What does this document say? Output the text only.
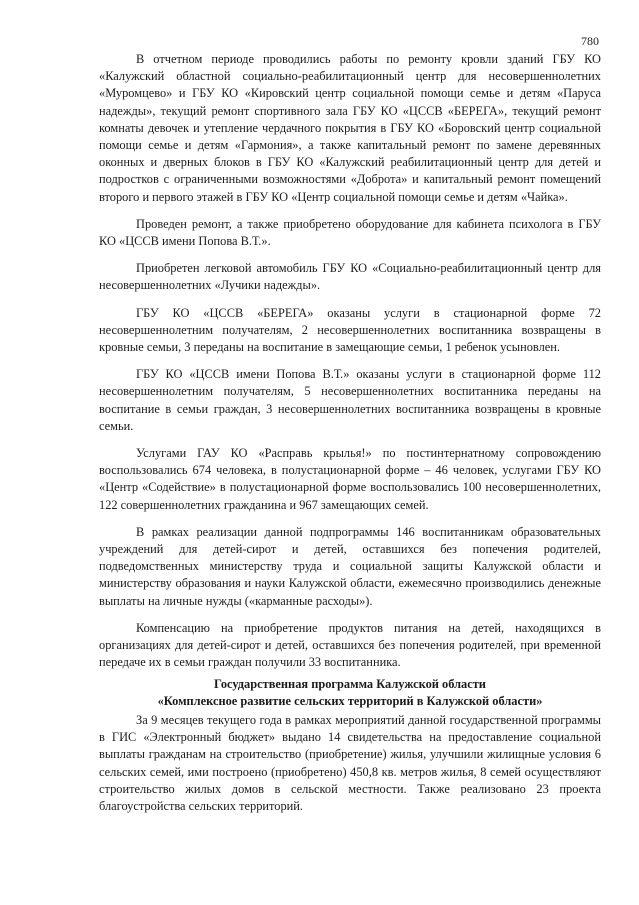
780

В отчетном периоде проводились работы по ремонту кровли зданий ГБУ КО «Калужский областной социально-реабилитационный центр для несовершеннолетних «Муромцево» и ГБУ КО «Кировский центр социальной помощи семье и детям «Паруса надежды», текущий ремонт спортивного зала ГБУ КО «ЦССВ «БЕРЕГА», текущий ремонт комнаты девочек и утепление чердачного покрытия в ГБУ КО «Боровский центр социальной помощи семье и детям «Гармония», а также капитальный ремонт по замене деревянных оконных и дверных блоков в ГБУ КО «Калужский реабилитационный центр для детей и подростков с ограниченными возможностями «Доброта» и капитальный ремонт помещений второго и первого этажей в ГБУ КО «Центр социальной помощи семье и детям «Чайка».

Проведен ремонт, а также приобретено оборудование для кабинета психолога в ГБУ КО «ЦССВ имени Попова В.Т.».

Приобретен легковой автомобиль ГБУ КО «Социально-реабилитационный центр для несовершеннолетних «Лучики надежды».

ГБУ КО «ЦССВ «БЕРЕГА» оказаны услуги в стационарной форме 72 несовершеннолетним получателям, 2 несовершеннолетних воспитанника возвращены в кровные семьи, 3 переданы на воспитание в замещающие семьи, 1 ребенок усыновлен.

ГБУ КО «ЦССВ имени Попова В.Т.» оказаны услуги в стационарной форме 112 несовершеннолетним получателям, 5 несовершеннолетних воспитанника переданы на воспитание в семьи граждан, 3 несовершеннолетних воспитанника возвращены в кровные семьи.

Услугами ГАУ КО «Расправь крылья!» по постинтернатному сопровождению воспользовались 674 человека, в полустационарной форме – 46 человек, услугами ГБУ КО «Центр «Содействие» в полустационарной форме воспользовались 100 несовершеннолетних, 122 совершеннолетних гражданина и 967 замещающих семей.

В рамках реализации данной подпрограммы 146 воспитанникам образовательных учреждений для детей-сирот и детей, оставшихся без попечения родителей, подведомственных министерству труда и социальной защиты Калужской области и министерству образования и науки Калужской области, ежемесячно производились денежные выплаты на личные нужды («карманные расходы»).

Компенсацию на приобретение продуктов питания на детей, находящихся в организациях для детей-сирот и детей, оставшихся без попечения родителей, при временной передаче их в семьи граждан получили 33 воспитанника.

Государственная программа Калужской области
«Комплексное развитие сельских территорий в Калужской области»

За 9 месяцев текущего года в рамках мероприятий данной государственной программы в ГИС «Электронный бюджет» выдано 14 свидетельства на предоставление социальной выплаты гражданам на строительство (приобретение) жилья, улучшили жилищные условия 6 сельских семей, ими построено (приобретено) 450,8 кв. метров жилья, 8 семей осуществляют строительство жилых домов в сельской местности. Также реализовано 23 проекта благоустройства сельских территорий.
